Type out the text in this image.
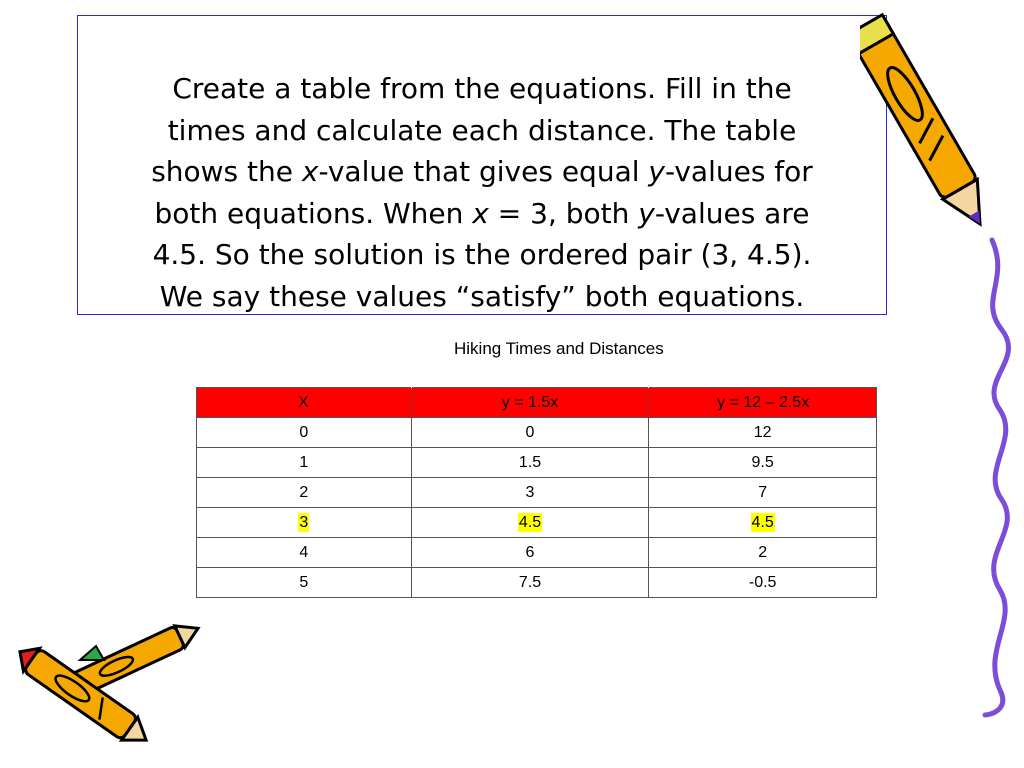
Create a table from the equations. Fill in the
times and calculate each distance. The table
shows the x-value that gives equal y-values for
both equations. When x = 3, both y-values are
4.5. So the solution is the ordered pair (3, 4.5).
We say these values “satisfy” both equations.

Hiking Times and Distances
X	y = 1.5x	y = 12 – 2.5x
0	0	12
1	1.5	9.5
2	3	7
3	4.5	4.5
4	6	2
5	7.5	-0.5
